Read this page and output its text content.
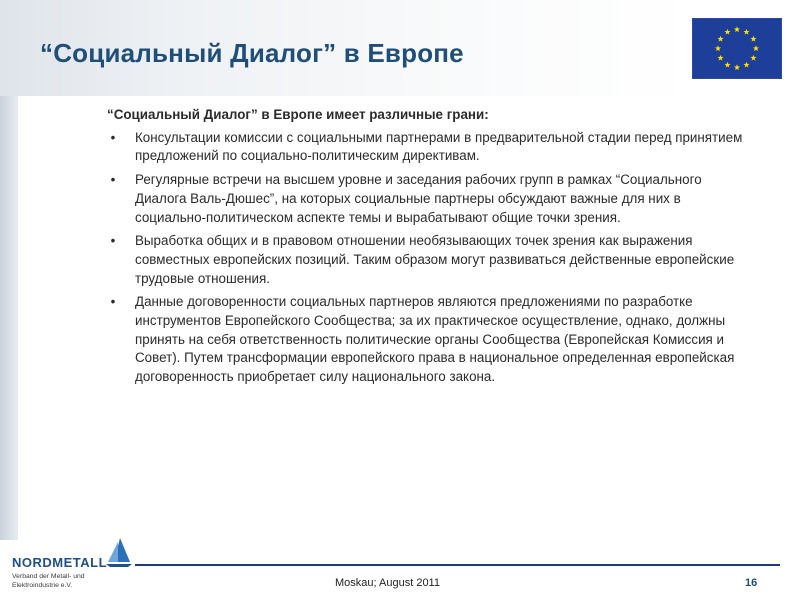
“Социальный Диалог” в Европе

“Социальный Диалог” в Европе имеет различные грани:

• Консультации комиссии с социальными партнерами в предварительной стадии перед принятием предложений по социально-политическим директивам.
• Регулярные встречи на высшем уровне и заседания рабочих групп в рамках “Социального Диалога Валь-Дюшес”, на которых социальные партнеры обсуждают важные для них в социально-политическом аспекте темы и вырабатывают общие точки зрения.
• Выработка общих и в правовом отношении необязывающих точек зрения как выражения совместных европейских позиций. Таким образом могут развиваться действенные европейские трудовые отношения.
• Данные договоренности социальных партнеров являются предложениями по разработке инструментов Европейского Сообщества; за их практическое осуществление, однако, должны принять на себя ответственность политические органы Сообщества (Европейская Комиссия и Совет). Путем трансформации европейского права в национальное определенная европейская договоренность приобретает силу национального закона.
NORDMETALL
Verband der Metall- und Elektroindustrie e.V.	Moskau; August 2011	16
